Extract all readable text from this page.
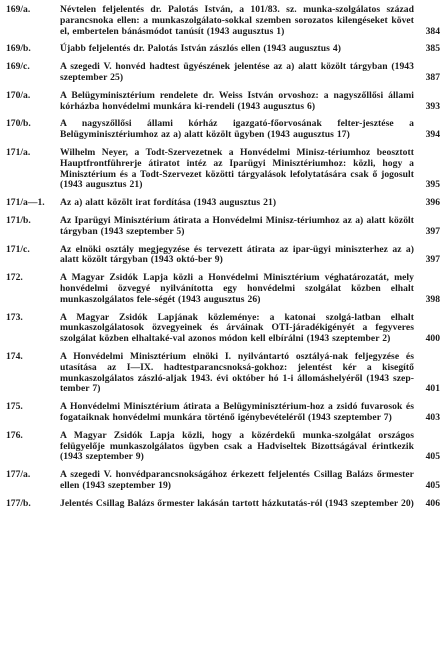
169/a.	Névtelen feljelentés dr. Palotás István, a 101/83. sz. munka-szolgálatos század parancsnoka ellen: a munkaszolgálato-sokkal szemben sorozatos kilengéseket követ el, embertelen bánásmódot tanúsít (1943 augusztus 1)	384
169/b.	Újabb feljelentés dr. Palotás István zászlós ellen (1943 augusztus 4)	385
169/c.	A szegedi V. honvéd hadtest ügyészének jelentése az a) alatt közölt tárgyban (1943 szeptember 25)	387
170/a.	A Belügyminisztérium rendelete dr. Weiss István orvoshoz: a nagyszőllősi állami kórházba honvédelmi munkára ki-rendeli (1943 augusztus 6)	393
170/b.	A nagyszőllősi állami kórház igazgató-főorvosának felter-jesztése a Belügyminisztériumhoz az a) alatt közölt ügyben (1943 augusztus 17)	394
171/a.	Wilhelm Neyer, a Todt-Szervezetnek a Honvédelmi Minisz-tériumhoz beosztott Hauptfrontführerje átiratot intéz az Iparügyi Minisztériumhoz: közli, hogy a Minisztérium és a Todt-Szervezet közötti tárgyalások lefolytatására csak ő jogosult (1943 augusztus 21)	395
171/a—1.	Az a) alatt közölt irat fordítása (1943 augusztus 21)	396
171/b.	Az Iparügyi Minisztérium átirata a Honvédelmi Minisz-tériumhoz az a) alatt közölt tárgyban (1943 szeptember 5)	397
171/c.	Az elnöki osztály megjegyzése és tervezett átirata az ipar-ügyi miniszterhez az a) alatt közölt tárgyban (1943 októ-ber 9)	397
172.	A Magyar Zsidók Lapja közli a Honvédelmi Minisztérium véghatározatát, mely honvédelmi özvegyé nyilvánította egy honvédelmi szolgálat közben elhalt munkaszolgálatos fele-ségét (1943 augusztus 26)	398
173.	A Magyar Zsidók Lapjának közleménye: a katonai szolgá-latban elhalt munkaszolgálatosok özvegyeinek és árváinak OTI-járadékigényét a fegyveres szolgálat közben elhaltaké-val azonos módon kell elbírálni (1943 szeptember 2)	400
174.	A Honvédelmi Minisztérium elnöki I. nyilvántartó osztályá-nak feljegyzése és utasítása az I—IX. hadtestparancsnoksá-gokhoz: jelentést kér a kisegítő munkaszolgálatos zászló-aljak 1943. évi október hó 1-i állomáshelyéről (1943 szep-tember 7)	401
175.	A Honvédelmi Minisztérium átirata a Belügyminisztérium-hoz a zsidó fuvarosok és fogataiknak honvédelmi munkára történő igénybevételéről (1943 szeptember 7)	403
176.	A Magyar Zsidók Lapja közli, hogy a közérdekű munka-szolgálat országos felügyelője munkaszolgálatos ügyben csak a Hadviseltek Bizottságával érintkezik (1943 szeptember 9)	405
177/a.	A szegedi V. honvédparancsnokságához érkezett feljelentés Csillag Balázs őrmester ellen (1943 szeptember 19)	405
177/b.	Jelentés Csillag Balázs őrmester lakásán tartott házkutatás-ról (1943 szeptember 20)	406
